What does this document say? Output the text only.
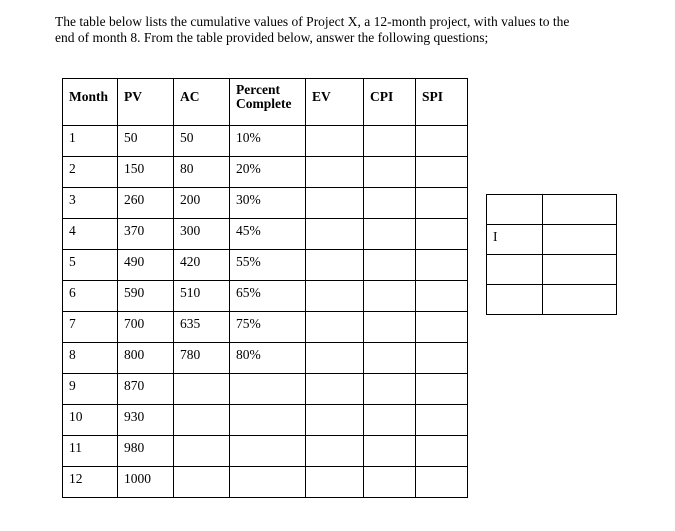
The table below lists the cumulative values of Project X, a 12-month project, with values to the
end of month 8. From the table provided below, answer the following questions;
Month	PV	AC	Percent Complete	EV	CPI	SPI
1	50	50	10%			
2	150	80	20%			
3	260	200	30%			
4	370	300	45%			
5	490	420	55%			
6	590	510	65%			
7	700	635	75%			
8	800	780	80%			
9	870					
10	930					
11	980					
12	1000					

I	
